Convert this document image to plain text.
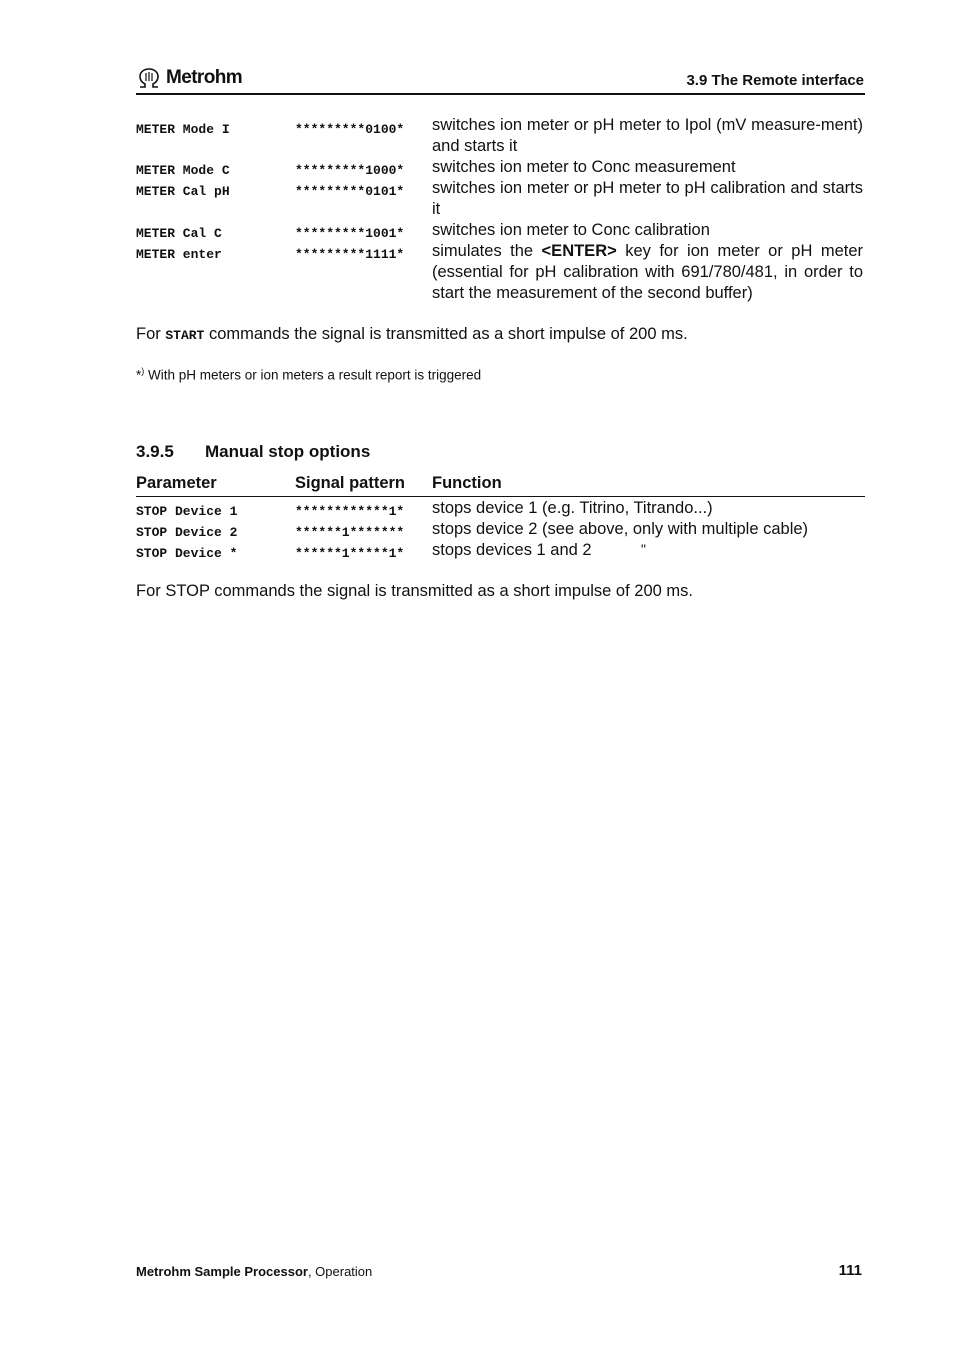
Metrohm	3.9 The Remote interface
METER Mode I	*********0100* switches ion meter or pH meter to Ipol (mV measure-ment) and starts it
METER Mode C	*********1000* switches ion meter to Conc measurement
METER Cal pH	*********0101* switches ion meter or pH meter to pH calibration and starts it
METER Cal C	*********1001* switches ion meter to Conc calibration
METER enter	*********1111* simulates the <ENTER> key for ion meter or pH meter (essential for pH calibration with 691/780/481, in order to start the measurement of the second buffer)
For START commands the signal is transmitted as a short impulse of 200 ms.
*) With pH meters or ion meters a result report is triggered
3.9.5 Manual stop options
Parameter	Signal pattern Function
STOP Device 1	************1* stops device 1 (e.g. Titrino, Titrando...)
STOP Device 2	******1******* stops device 2 (see above, only with multiple cable)
STOP Device *	******1*****1* stops devices 1 and 2	"
For STOP commands the signal is transmitted as a short impulse of 200 ms.
Metrohm Sample Processor, Operation	111
